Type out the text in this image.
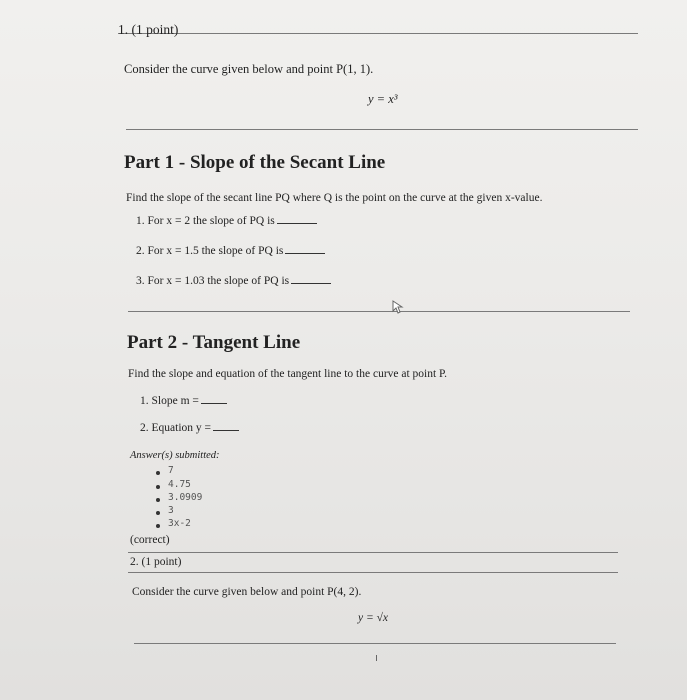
1. (1 point)
Consider the curve given below and point P(1, 1).
y = x³
Part 1 - Slope of the Secant Line
Find the slope of the secant line PQ where Q is the point on the curve at the given x-value.
1. For x = 2 the slope of PQ is
2. For x = 1.5 the slope of PQ is
3. For x = 1.03 the slope of PQ is
Part 2 - Tangent Line
Find the slope and equation of the tangent line to the curve at point P.
1. Slope m =
2. Equation y =
Answer(s) submitted:
7
4.75
3.0909
3
3x-2
(correct)
2. (1 point)
Consider the curve given below and point P(4, 2).
y = √x
